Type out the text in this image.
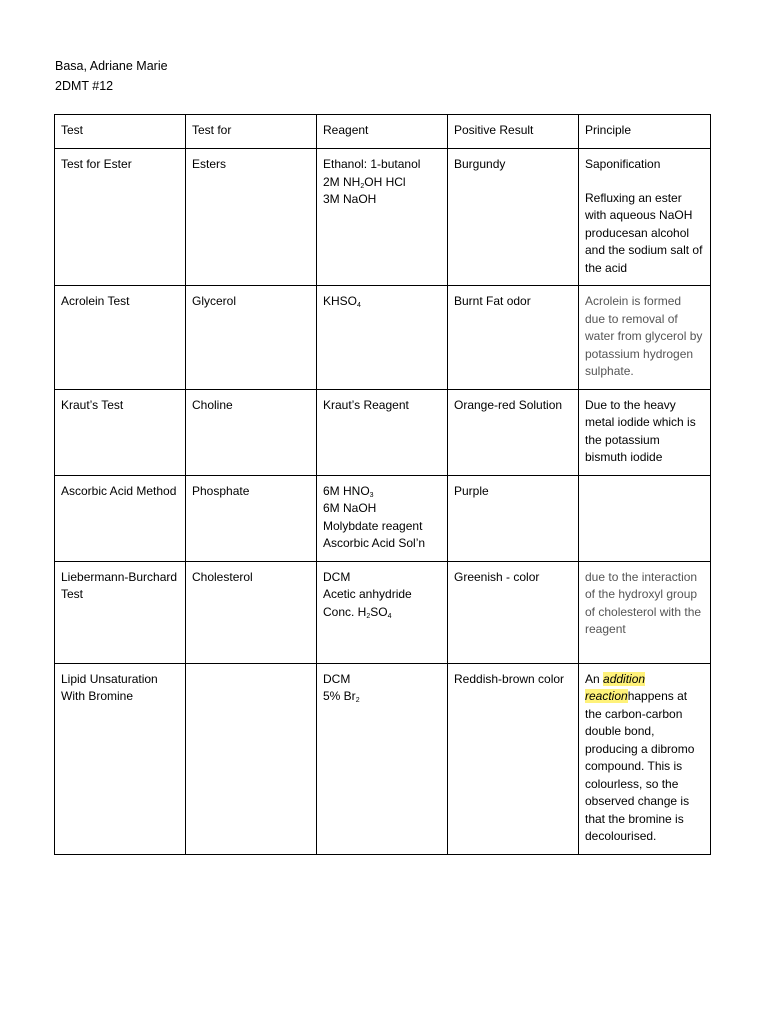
Basa, Adriane Marie
2DMT #12
Test	Test for	Reagent	Positive Result	Principle
Test for Ester	Esters	Ethanol: 1-butanol
2M $NH_2OH$ HCl
3M NaOH	Burgundy	Saponification
Refluxing an ester with aqueous NaOH producesan alcohol and the sodium salt of the acid

Acrolein Test	Glycerol	$KHSO_4$	Burnt Fat odor	Acrolein is formed due to removal of water from glycerol by potassium hydrogen sulphate.
Kraut’s Test	Choline	Kraut’s Reagent	Orange-red Solution	Due to the heavy metal iodide which is the potassium bismuth iodide
Ascorbic Acid Method	Phosphate	6M $HNO_3$
6M NaOH
Molybdate reagent
Ascorbic Acid Sol’n	Purple	
Liebermann-Burchard Test	Cholesterol	DCM
Acetic anhydride
Conc. $H_2SO_4$	Greenish - color	due to the interaction of the hydroxyl group of cholesterol with the reagent
Lipid Unsaturation With Bromine		DCM
5% $Br_2$	Reddish-brown color	An addition reactionhappens at the carbon-carbon double bond, producing a dibromo compound. This is colourless, so the observed change is that the bromine is decolourised.
